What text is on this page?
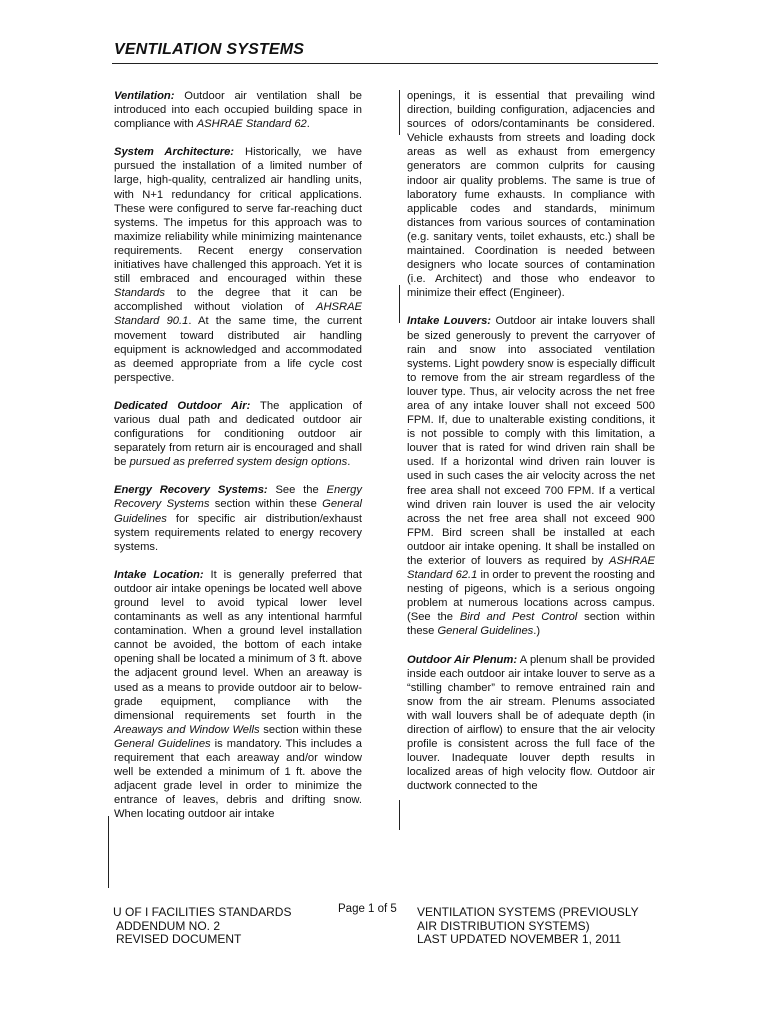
VENTILATION SYSTEMS

Ventilation: Outdoor air ventilation shall be introduced into each occupied building space in compliance with ASHRAE Standard 62.

System Architecture: Historically, we have pursued the installation of a limited number of large, high-quality, centralized air handling units, with N+1 redundancy for critical applications. These were configured to serve far-reaching duct systems. The impetus for this approach was to maximize reliability while minimizing maintenance requirements. Recent energy conservation initiatives have challenged this approach. Yet it is still embraced and encouraged within these Standards to the degree that it can be accomplished without violation of AHSRAE Standard 90.1. At the same time, the current movement toward distributed air handling equipment is acknowledged and accommodated as deemed appropriate from a life cycle cost perspective.

Dedicated Outdoor Air: The application of various dual path and dedicated outdoor air configurations for conditioning outdoor air separately from return air is encouraged and shall be pursued as preferred system design options.

Energy Recovery Systems: See the Energy Recovery Systems section within these General Guidelines for specific air distribution/exhaust system requirements related to energy recovery systems.

Intake Location: It is generally preferred that outdoor air intake openings be located well above ground level to avoid typical lower level contaminants as well as any intentional harmful contamination. When a ground level installation cannot be avoided, the bottom of each intake opening shall be located a minimum of 3 ft. above the adjacent ground level. When an areaway is used as a means to provide outdoor air to below-grade equipment, compliance with the dimensional requirements set fourth in the Areaways and Window Wells section within these General Guidelines is mandatory. This includes a requirement that each areaway and/or window well be extended a minimum of 1 ft. above the adjacent grade level in order to minimize the entrance of leaves, debris and drifting snow. When locating outdoor air intake

openings, it is essential that prevailing wind direction, building configuration, adjacencies and sources of odors/contaminants be considered. Vehicle exhausts from streets and loading dock areas as well as exhaust from emergency generators are common culprits for causing indoor air quality problems. The same is true of laboratory fume exhausts. In compliance with applicable codes and standards, minimum distances from various sources of contamination (e.g. sanitary vents, toilet exhausts, etc.) shall be maintained. Coordination is needed between designers who locate sources of contamination (i.e. Architect) and those who endeavor to minimize their effect (Engineer).

Intake Louvers: Outdoor air intake louvers shall be sized generously to prevent the carryover of rain and snow into associated ventilation systems. Light powdery snow is especially difficult to remove from the air stream regardless of the louver type. Thus, air velocity across the net free area of any intake louver shall not exceed 500 FPM. If, due to unalterable existing conditions, it is not possible to comply with this limitation, a louver that is rated for wind driven rain shall be used. If a horizontal wind driven rain louver is used in such cases the air velocity across the net free area shall not exceed 700 FPM. If a vertical wind driven rain louver is used the air velocity across the net free area shall not exceed 900 FPM. Bird screen shall be installed at each outdoor air intake opening. It shall be installed on the exterior of louvers as required by ASHRAE Standard 62.1 in order to prevent the roosting and nesting of pigeons, which is a serious ongoing problem at numerous locations across campus. (See the Bird and Pest Control section within these General Guidelines.)

Outdoor Air Plenum: A plenum shall be provided inside each outdoor air intake louver to serve as a “stilling chamber” to remove entrained rain and snow from the air stream. Plenums associated with wall louvers shall be of adequate depth (in direction of airflow) to ensure that the air velocity profile is consistent across the full face of the louver. Inadequate louver depth results in localized areas of high velocity flow. Outdoor air ductwork connected to the

U OF I FACILITIES STANDARDS
ADDENDUM NO. 2
REVISED DOCUMENT
Page 1 of 5	VENTILATION SYSTEMS (PREVIOUSLY
AIR DISTRIBUTION SYSTEMS)
LAST UPDATED NOVEMBER 1, 2011
